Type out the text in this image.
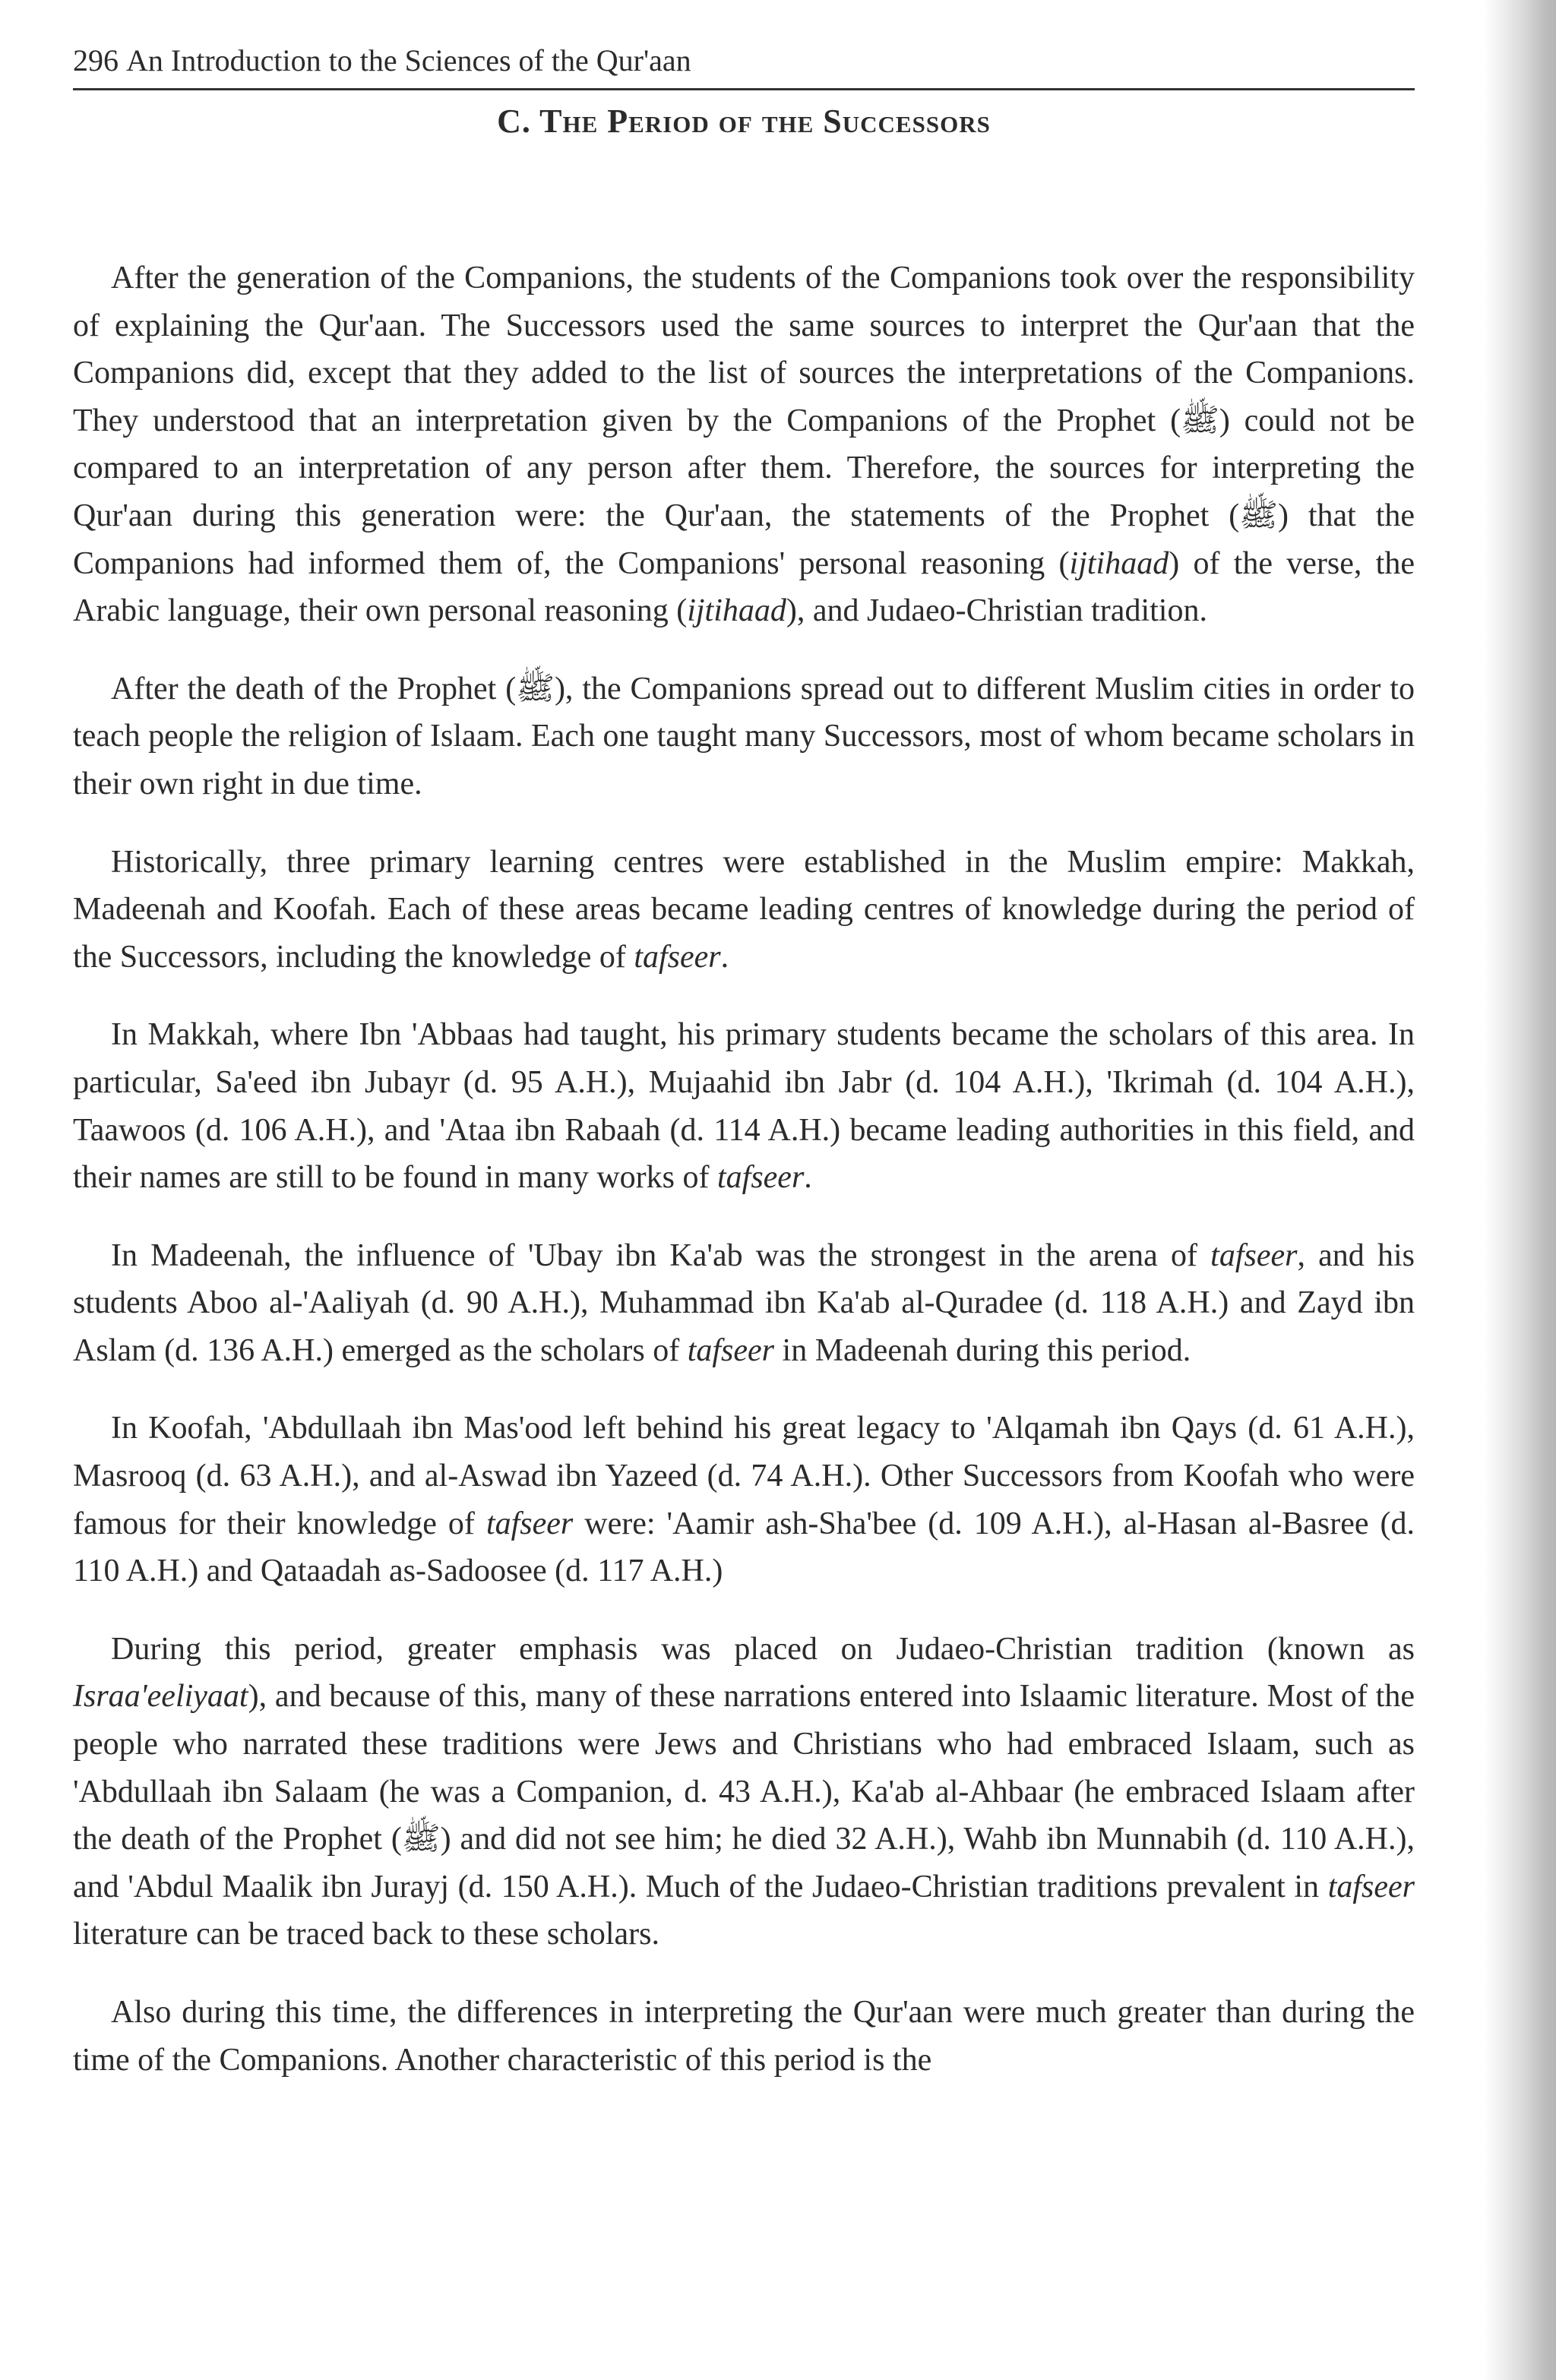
296 An Introduction to the Sciences of the Qur'aan
C. The Period of the Successors

After the generation of the Companions, the students of the Companions took over the responsibility of explaining the Qur'aan. The Successors used the same sources to interpret the Qur'aan that the Companions did, except that they added to the list of sources the interpretations of the Companions. They understood that an interpretation given by the Companions of the Prophet (ﷺ) could not be compared to an interpretation of any person after them. Therefore, the sources for interpreting the Qur'aan during this generation were: the Qur'aan, the statements of the Prophet (ﷺ) that the Companions had informed them of, the Companions' personal reasoning (ijtihaad) of the verse, the Arabic language, their own personal reasoning (ijtihaad), and Judaeo-Christian tradition.

After the death of the Prophet (ﷺ), the Companions spread out to different Muslim cities in order to teach people the religion of Islaam. Each one taught many Successors, most of whom became scholars in their own right in due time.

Historically, three primary learning centres were established in the Muslim empire: Makkah, Madeenah and Koofah. Each of these areas became leading centres of knowledge during the period of the Successors, including the knowledge of tafseer.

In Makkah, where Ibn 'Abbaas had taught, his primary students became the scholars of this area. In particular, Sa'eed ibn Jubayr (d. 95 A.H.), Mujaahid ibn Jabr (d. 104 A.H.), 'Ikrimah (d. 104 A.H.), Taawoos (d. 106 A.H.), and 'Ataa ibn Rabaah (d. 114 A.H.) became leading authorities in this field, and their names are still to be found in many works of tafseer.

In Madeenah, the influence of 'Ubay ibn Ka'ab was the strongest in the arena of tafseer, and his students Aboo al-'Aaliyah (d. 90 A.H.), Muhammad ibn Ka'ab al-Quradee (d. 118 A.H.) and Zayd ibn Aslam (d. 136 A.H.) emerged as the scholars of tafseer in Madeenah during this period.

In Koofah, 'Abdullaah ibn Mas'ood left behind his great legacy to 'Alqamah ibn Qays (d. 61 A.H.), Masrooq (d. 63 A.H.), and al-Aswad ibn Yazeed (d. 74 A.H.). Other Successors from Koofah who were famous for their knowledge of tafseer were: 'Aamir ash-Sha'bee (d. 109 A.H.), al-Hasan al-Basree (d. 110 A.H.) and Qataadah as-Sadoosee (d. 117 A.H.)

During this period, greater emphasis was placed on Judaeo-Christian tradition (known as Israa'eeliyaat), and because of this, many of these narrations entered into Islaamic literature. Most of the people who narrated these traditions were Jews and Christians who had embraced Islaam, such as 'Abdullaah ibn Salaam (he was a Companion, d. 43 A.H.), Ka'ab al-Ahbaar (he embraced Islaam after the death of the Prophet (ﷺ) and did not see him; he died 32 A.H.), Wahb ibn Munnabih (d. 110 A.H.), and 'Abdul Maalik ibn Jurayj (d. 150 A.H.). Much of the Judaeo-Christian traditions prevalent in tafseer literature can be traced back to these scholars.

Also during this time, the differences in interpreting the Qur'aan were much greater than during the time of the Companions. Another characteristic of this period is the
